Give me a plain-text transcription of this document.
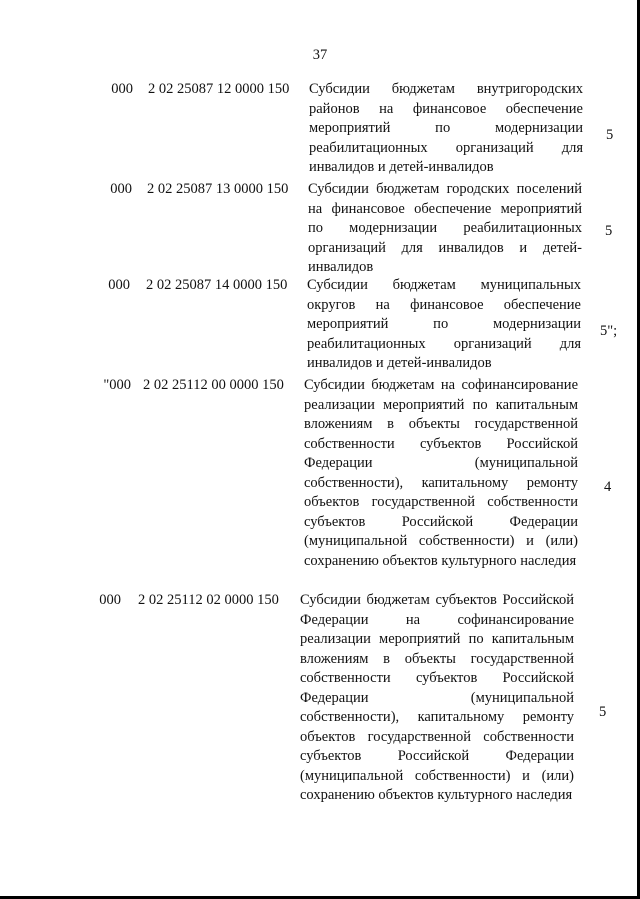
37
000 2 02 25087 12 0000 150 Субсидии бюджетам внутригородских районов на финансовое обеспечение мероприятий по модернизации реабилитационных организаций для инвалидов и детей-инвалидов
5
000 2 02 25087 13 0000 150 Субсидии бюджетам городских поселений на финансовое обеспечение мероприятий по модернизации реабилитационных организаций для инвалидов и детей-инвалидов
5
000 2 02 25087 14 0000 150 Субсидии бюджетам муниципальных округов на финансовое обеспечение мероприятий по модернизации реабилитационных организаций для инвалидов и детей-инвалидов
5";
"000 2 02 25112 00 0000 150 Субсидии бюджетам на софинансирование реализации мероприятий по капитальным вложениям в объекты государственной собственности субъектов Российской Федерации (муниципальной собственности), капитальному ремонту объектов государственной собственности субъектов Российской Федерации (муниципальной собственности) и (или) сохранению объектов культурного наследия
4
000 2 02 25112 02 0000 150 Субсидии бюджетам субъектов Российской Федерации на софинансирование реализации мероприятий по капитальным вложениям в объекты государственной собственности субъектов Российской Федерации (муниципальной собственности), капитальному ремонту объектов государственной собственности субъектов Российской Федерации (муниципальной собственности) и (или) сохранению объектов культурного наследия
5
